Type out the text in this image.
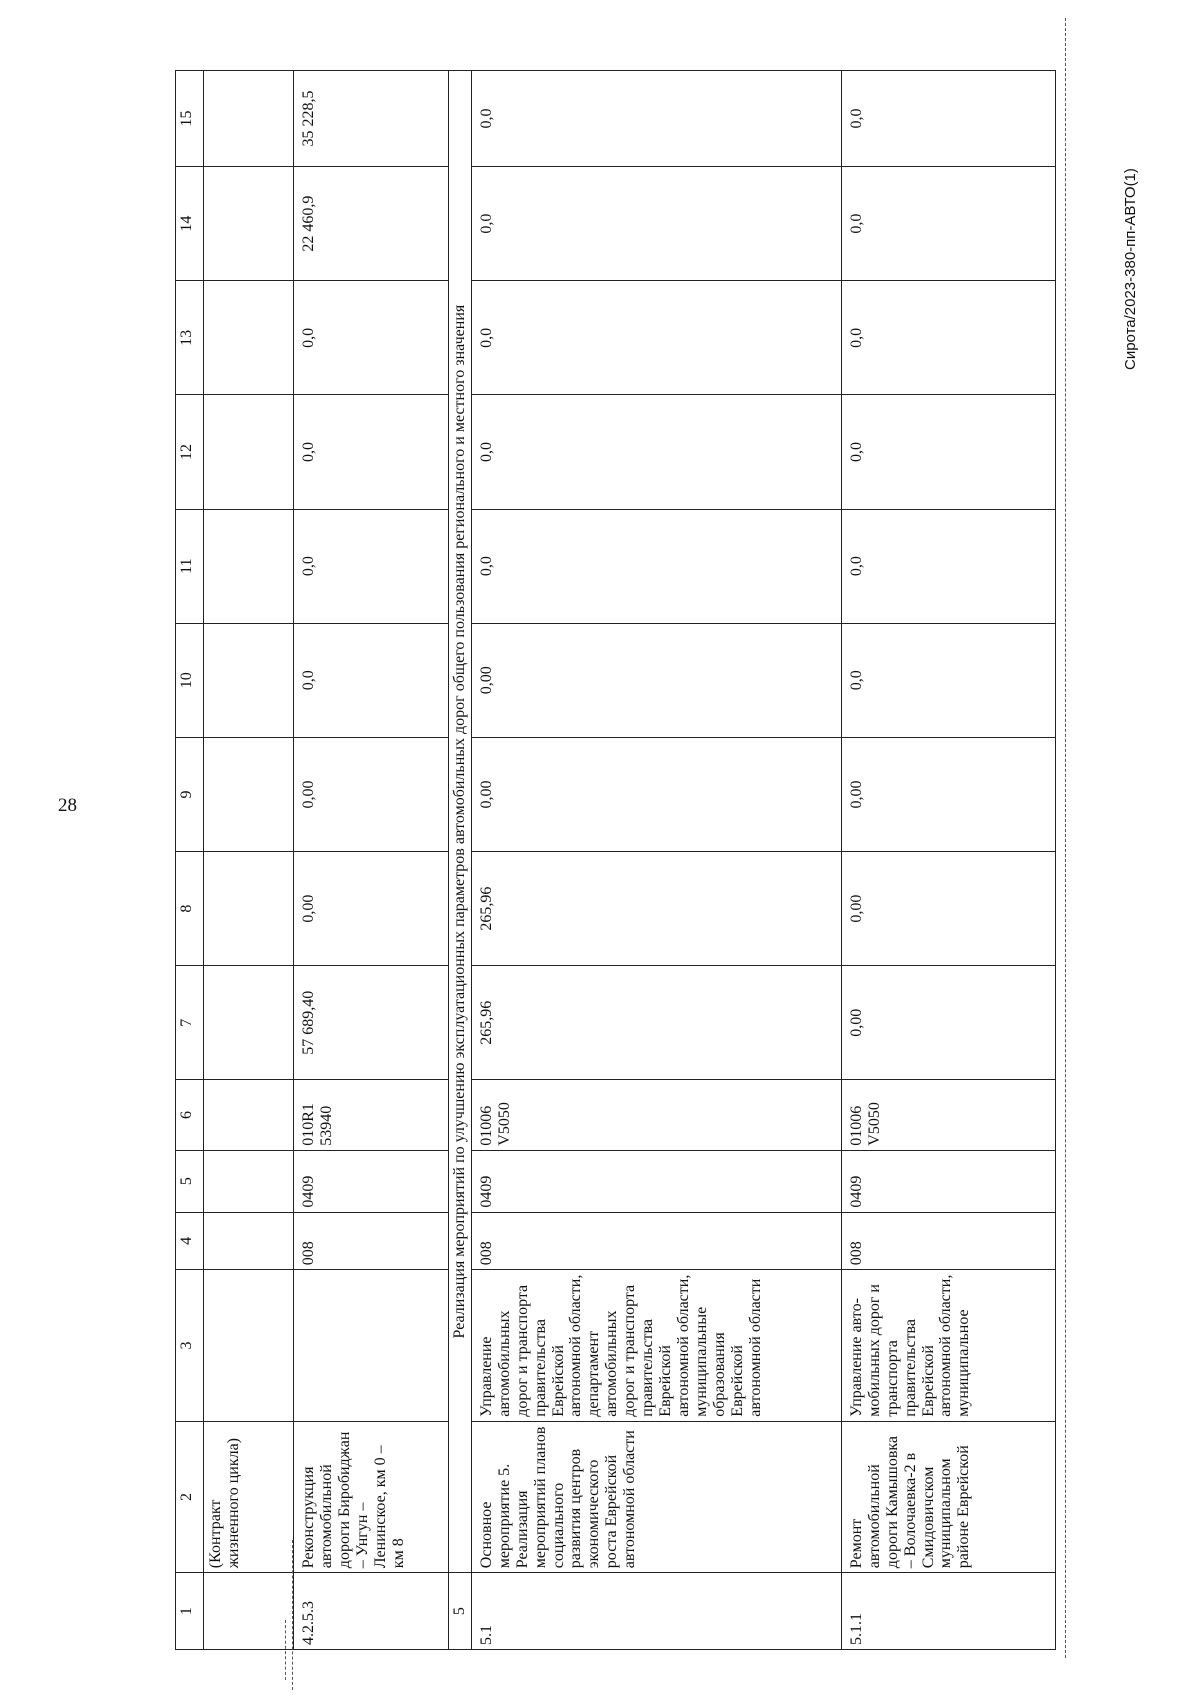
28
Сирота/2023-380-пп-АВТО(1)
1	2	3	4	5	6	7	8	9	10	11	12	13	14	15
	(Контракт жизненного цикла)													
4.2.5.3	Реконструкция автомобильной дороги Биробиджан – Унгун – Ленинское, км 0 – км 8		008	0409	010R1 53940	57 689,40	0,00	0,00	0,0	0,0	0,0	0,0	22 460,9	35 228,5
5	Реализация мероприятий по улучшению эксплуатационных параметров автомобильных дорог общего пользования регионального и местного значения													
5.1	Основное мероприятие 5. Реализация мероприятий планов социального развития центров экономического роста Еврейской автономной области	Управление автомобильных дорог и транспорта правительства Еврейской автономной области, департамент автомобильных дорог и транспорта правительства Еврейской автономной области, муниципальные образования Еврейской автономной области	008	0409	01006 V5050	265,96	265,96	0,00	0,00	0,0	0,0	0,0	0,0	0,0
5.1.1	Ремонт автомобильной дороги Камышовка – Волочаевка-2 в Смидовичском муниципальном районе Еврейской	Управление авто- мобильных дорог и транспорта правительства Еврейской автономной области, муниципальное	008	0409	01006 V5050	0,00	0,00	0,00	0,0	0,0	0,0	0,0	0,0	0,0
